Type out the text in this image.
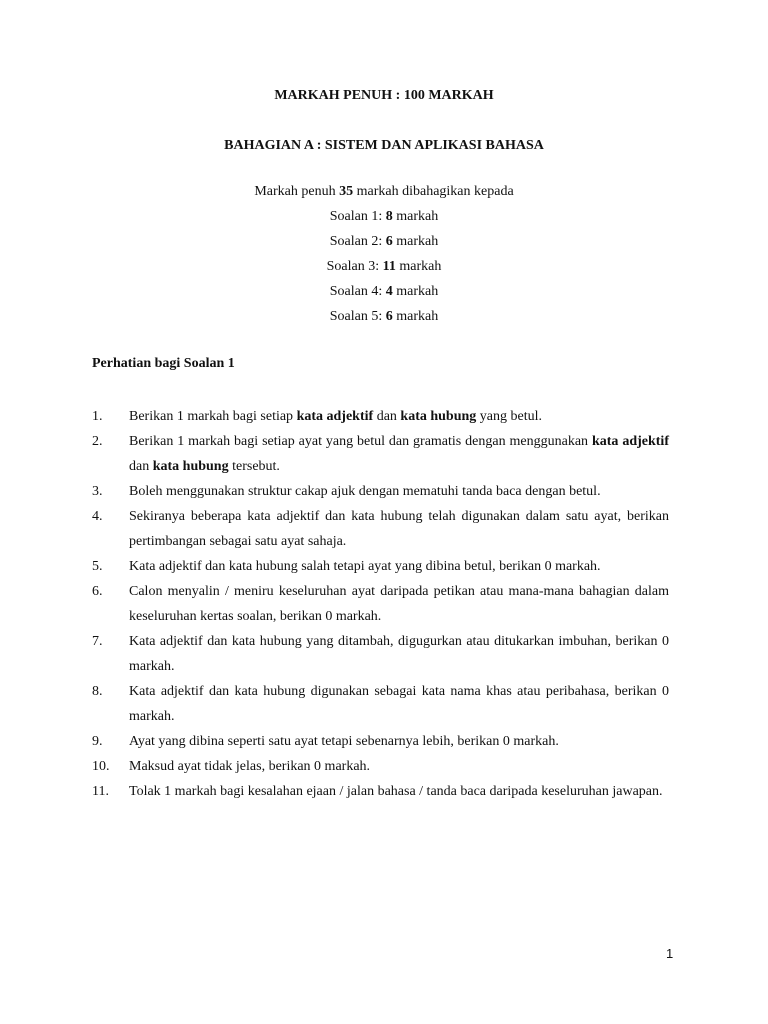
MARKAH PENUH : 100 MARKAH
BAHAGIAN A : SISTEM DAN APLIKASI BAHASA
Markah penuh 35 markah dibahagikan kepada
Soalan 1: 8 markah
Soalan 2: 6 markah
Soalan 3: 11 markah
Soalan 4: 4 markah
Soalan 5: 6 markah
Perhatian bagi Soalan 1
1. Berikan 1 markah bagi setiap kata adjektif dan kata hubung yang betul.
2. Berikan 1 markah bagi setiap ayat yang betul dan gramatis dengan menggunakan kata adjektif dan kata hubung tersebut.
3. Boleh menggunakan struktur cakap ajuk dengan mematuhi tanda baca dengan betul.
4. Sekiranya beberapa kata adjektif dan kata hubung telah digunakan dalam satu ayat, berikan pertimbangan sebagai satu ayat sahaja.
5. Kata adjektif dan kata hubung salah tetapi ayat yang dibina betul, berikan 0 markah.
6. Calon menyalin / meniru keseluruhan ayat daripada petikan atau mana-mana bahagian dalam keseluruhan kertas soalan, berikan 0 markah.
7. Kata adjektif dan kata hubung yang ditambah, digugurkan atau ditukarkan imbuhan, berikan 0 markah.
8. Kata adjektif dan kata hubung digunakan sebagai kata nama khas atau peribahasa, berikan 0 markah.
9. Ayat yang dibina seperti satu ayat tetapi sebenarnya lebih, berikan 0 markah.
10. Maksud ayat tidak jelas, berikan 0 markah.
11. Tolak 1 markah bagi kesalahan ejaan / jalan bahasa / tanda baca daripada keseluruhan jawapan.
1
